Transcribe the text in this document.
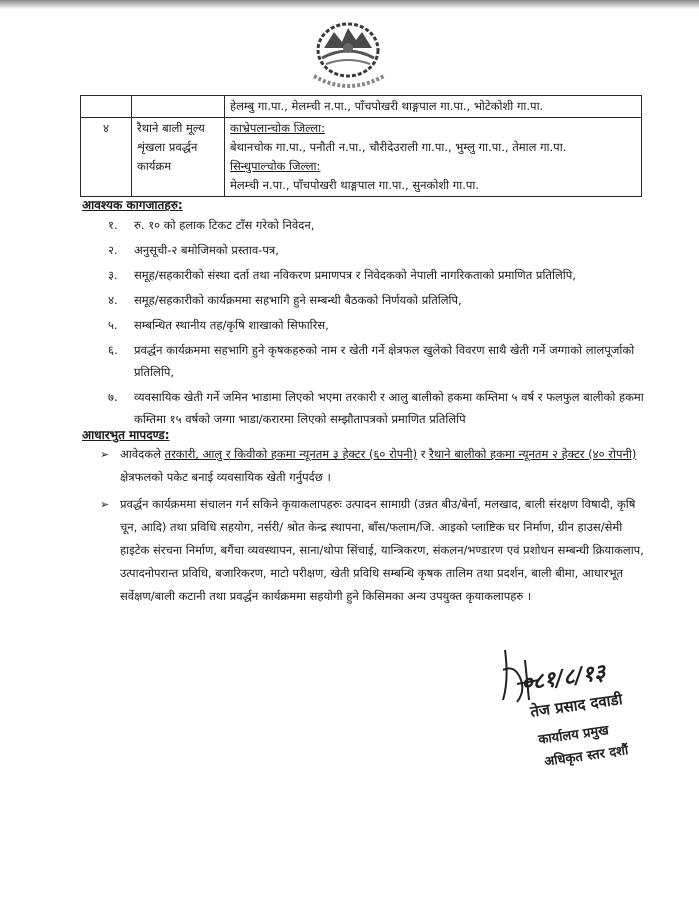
		हेलम्बु गा.पा., मेलम्ची न.पा., पाँचपोखरी थाङ्गपाल गा.पा., भोटेकोशी गा.पा.
४	रैथाने बाली मूल्य शृंखला प्रवर्द्धन कार्यक्रम	काभ्रेपलान्चोक जिल्ला:
बेथानचोक गा.पा., पनौती न.पा., चौरीदेउराली गा.पा., भुम्लु गा.पा., तेमाल गा.पा.
सिन्धुपाल्चोक जिल्ला:
मेलम्ची न.पा., पाँचपोखरी थाङ्गपाल गा.पा., सुनकोशी गा.पा.
आवश्यक कागजातहरु:
१. रु. १० को हलाक टिकट टाँस गरेको निवेदन,
२. अनुसूची-२ बमोजिमको प्रस्ताव-पत्र,
३. समूह/सहकारीको संस्था दर्ता तथा नविकरण प्रमाणपत्र र निवेदकको नेपाली नागरिकताको प्रमाणित प्रतिलिपि,
४. समूह/सहकारीको कार्यक्रममा सहभागि हुने सम्बन्धी बैठकको निर्णयको प्रतिलिपि,
५. सम्बन्धित स्थानीय तह/कृषि शाखाको सिफारिस,
६. प्रवर्द्धन कार्यक्रममा सहभागि हुने कृषकहरुको नाम र खेती गर्ने क्षेत्रफल खुलेको विवरण साथै खेती गर्ने जग्गाको लालपूर्जाको प्रतिलिपि,
७. व्यवसायिक खेती गर्ने जमिन भाडामा लिएको भएमा तरकारी र आलु बालीको हकमा कम्तिमा ५ वर्ष र फलफुल बालीको हकमा कम्तिमा १५ वर्षको जग्गा भाडा/करारमा लिएको सम्झौतापत्रको प्रमाणित प्रतिलिपि
आधारभुत मापदण्ड:
➢ आवेदकले तरकारी, आलु र किवीको हकमा न्यूनतम ३ हेक्टर (६० रोपनी) र रैथाने बालीको हकमा न्यूनतम २ हेक्टर (४० रोपनी) क्षेत्रफलको पकेट बनाई व्यवसायिक खेती गर्नुपर्दछ ।
➢ प्रवर्द्धन कार्यक्रममा संचालन गर्न सकिने कृयाकलापहरुः उत्पादन सामाग्री (उन्नत बीउ/बेर्ना, मलखाद, बाली संरक्षण विषादी, कृषि चून, आदि) तथा प्रविधि सहयोग, नर्सरी/ श्रोत केन्द्र स्थापना, बाँस/फलाम/जि. आइको प्लाष्टिक घर निर्माण, ग्रीन हाउस/सेमी हाइटेक संरचना निर्माण, बगैंचा व्यवस्थापन, साना/थोपा सिंचाई, यान्त्रिकरण, संकलन/भण्डारण एवं प्रशोधन सम्बन्धी क्रियाकलाप, उत्पादनोपरान्त प्रविधि, बजारिकरण, माटो परीक्षण, खेती प्रविधि सम्बन्धि कृषक तालिम तथा प्रदर्शन, बाली बीमा, आधारभूत सर्वेक्षण/बाली कटानी तथा प्रवर्द्धन कार्यक्रममा सहयोगी हुने किसिमका अन्य उपयुक्त कृयाकलापहरु ।
०८१/८/१३
तेज प्रसाद दवाडी
कार्यालय प्रमुख
अधिकृत स्तर दशौं
